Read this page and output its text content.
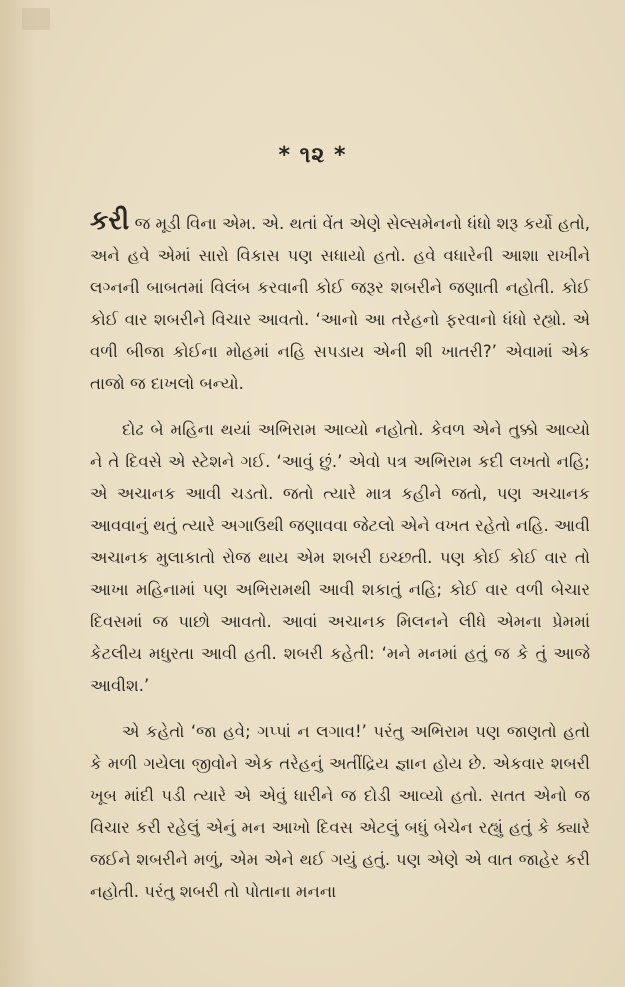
* ૧૨ *

કરી જ મૂડી વિના એમ. એ. થતાં વેંત એણે સેલ્સમેનનો ધંધો શરૂ કર્યો હતો, અને હવે એમાં સારો વિકાસ પણ સધાયો હતો. હવે વધારેની આશા રાખીને લગ્નની બાબતમાં વિલંબ કરવાની કોઈ જરૂર શબરીને જણાતી નહોતી. કોઈ કોઈ વાર શબરીને વિચાર આવતો. ‘આનો આ તરેહનો ફરવાનો ધંધો રહ્યો. એ વળી બીજા કોઈના મોહમાં નહિ સપડાય એની શી ખાતરી?’ એવામાં એક તાજો જ દાખલો બન્યો.

દોઢ બે મહિના થયાં અભિરામ આવ્યો નહોતો. કેવળ એને તુક્કો આવ્યો ને તે દિવસે એ સ્ટેશને ગઈ. ‘આવું છું.’ એવો પત્ર અભિરામ કદી લખતો નહિ; એ અચાનક આવી ચડતો. જતો ત્યારે માત્ર કહીને જતો, પણ અચાનક આવવાનું થતું ત્યારે અગાઉથી જણાવવા જેટલો એને વખત રહેતો નહિ. આવી અચાનક મુલાકાતો રોજ થાય એમ શબરી ઇચ્છતી. પણ કોઈ કોઈ વાર તો આખા મહિનામાં પણ અભિરામથી આવી શકાતું નહિ; કોઈ વાર વળી બેચાર દિવસમાં જ પાછો આવતો. આવાં અચાનક મિલનને લીધે એમના પ્રેમમાં કેટલીય મધુરતા આવી હતી. શબરી કહેતી: ‘મને મનમાં હતું જ કે તું આજે આવીશ.’

એ કહેતો ‘જા હવે; ગપ્પાં ન લગાવ!’ પરંતુ અભિરામ પણ જાણતો હતો કે મળી ગયેલા જીવોને એક તરેહનું અતીંદ્રિય જ્ઞાન હોય છે. એકવાર શબરી ખૂબ માંદી પડી ત્યારે એ એવું ધારીને જ દોડી આવ્યો હતો. સતત એનો જ વિચાર કરી રહેલું એનું મન આખો દિવસ એટલું બધું બેચેન રહ્યું હતું કે ક્યારે જઈને શબરીને મળું, એમ એને થઈ ગયું હતું. પણ એણે એ વાત જાહેર કરી નહોતી. પરંતુ શબરી તો પોતાના મનના
